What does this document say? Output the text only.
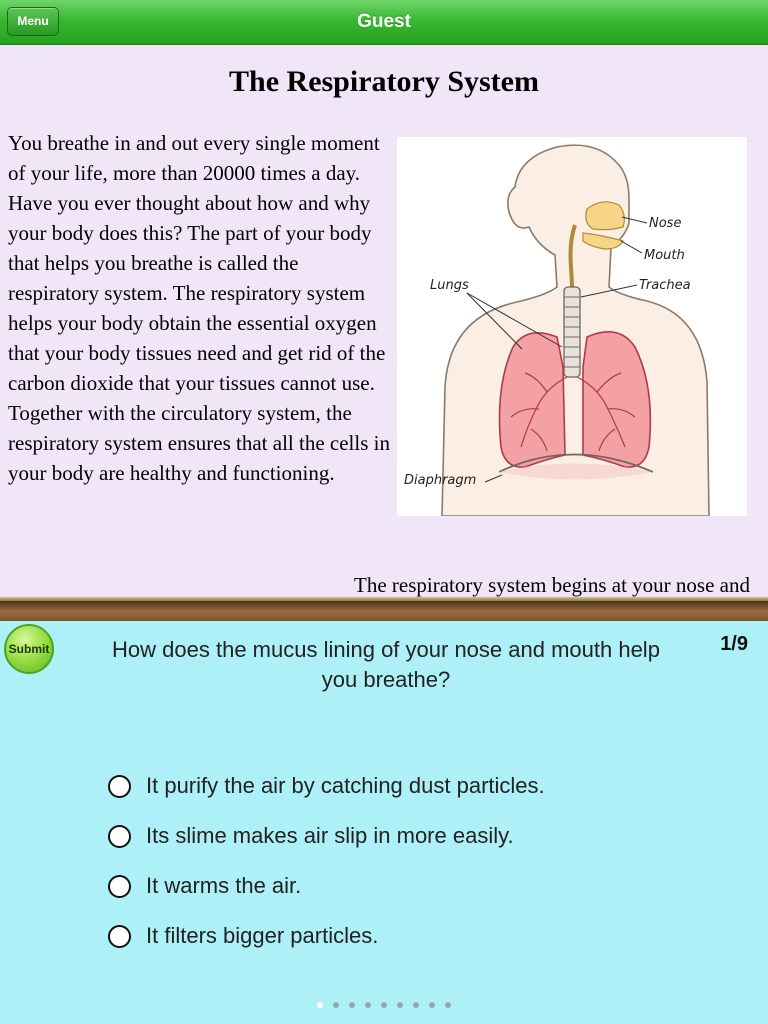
Menu	Guest
The Respiratory System
You breathe in and out every single moment of your life, more than 20000 times a day. Have you ever thought about how and why your body does this? The part of your body that helps you breathe is called the respiratory system. The respiratory system helps your body obtain the essential oxygen that your body tissues need and get rid of the carbon dioxide that your tissues cannot use. Together with the circulatory system, the respiratory system ensures that all the cells in your body are healthy and functioning.
Nose
Mouth
Trachea
Lungs
Diaphragm
The respiratory system begins at your nose and
Submit	1/9
How does the mucus lining of your nose and mouth help you breathe?
It purify the air by catching dust particles.
Its slime makes air slip in more easily.
It warms the air.
It filters bigger particles.
